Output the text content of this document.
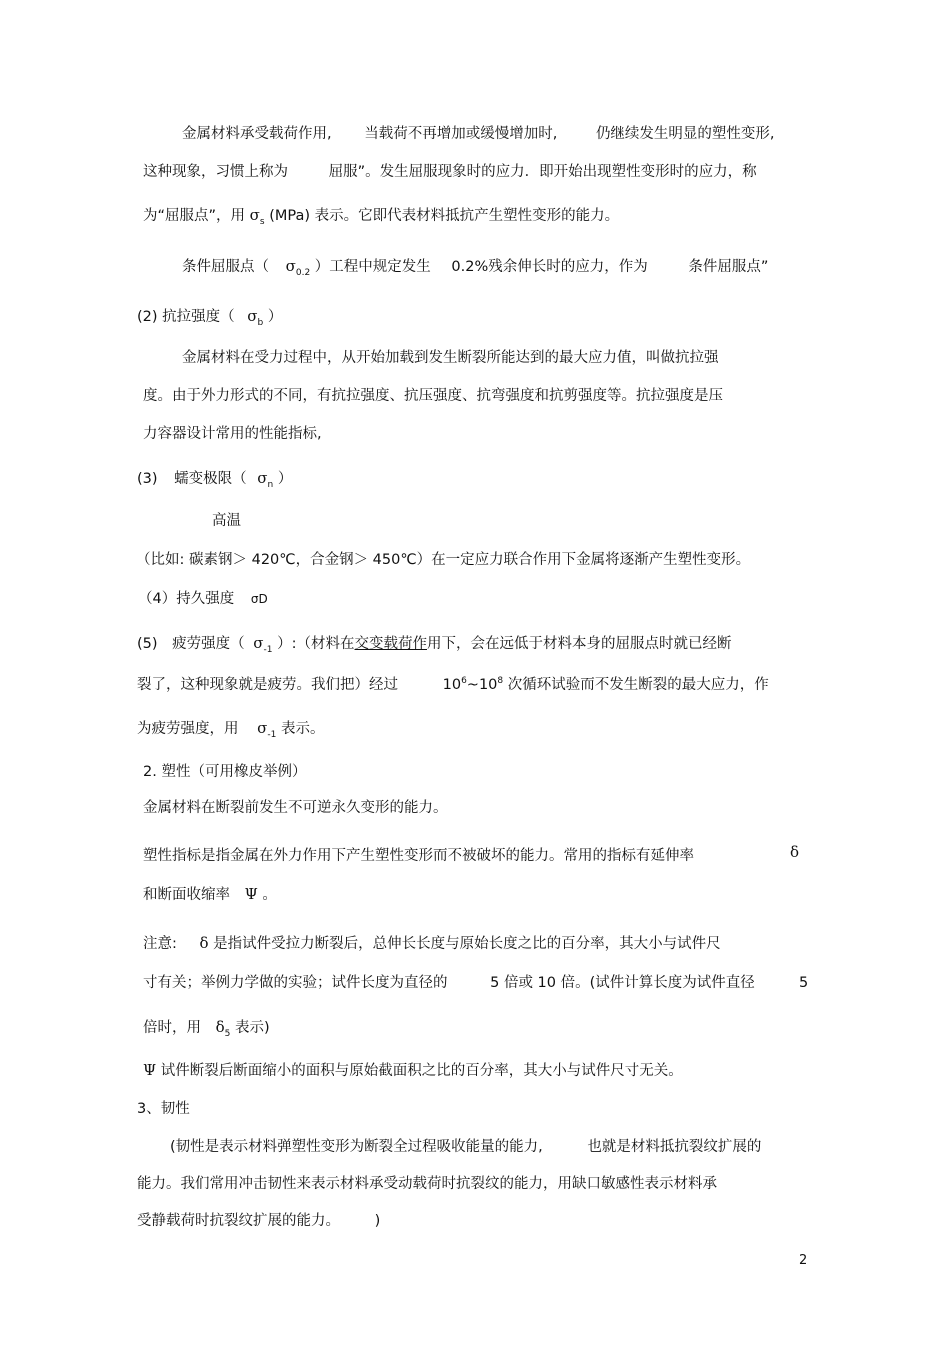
金属材料承受载荷作用, 当载荷不再增加或缓慢增加时,	仍继续发生明显的塑性变形,
这种现象，习惯上称为	屈服”。发生屈服现象时的应力．即开始出现塑性变形时的应力，称
为“屈服点”，用 $\sigma_s$ (MPa) 表示。它即代表材料抵抗产生塑性变形的能力。
条件屈服点（ $\sigma_{0.2}$ ）工程中规定发生 0.2%残余伸长时的应力，作为	条件屈服点”
(2) 抗拉强度（ $\sigma_b$ ）
金属材料在受力过程中，从开始加载到发生断裂所能达到的最大应力值，叫做抗拉强
度。由于外力形式的不同，有抗拉强度、抗压强度、抗弯强度和抗剪强度等。抗拉强度是压
力容器设计常用的性能指标,
(3) 蠕变极限（ $\sigma_n$ ）
高温
（比如: 碳素钢＞ 420℃，合金钢＞ 450℃）在一定应力联合作用下金属将逐渐产生塑性变形。
（4）持久强度 σD
(5) 疲劳强度（ $\sigma_{-1}$ ）:（材料在交变载荷作用下，会在远低于材料本身的屈服点时就已经断
裂了，这种现象就是疲劳。我们把）经过	$10^6\sim 10^8$ 次循环试验而不发生断裂的最大应力，作
为疲劳强度，用 $\sigma_{-1}$ 表示。
2. 塑性（可用橡皮举例）
金属材料在断裂前发生不可逆永久变形的能力。
塑性指标是指金属在外力作用下产生塑性变形而不被破坏的能力。常用的指标有延伸率	δ
和断面收缩率 Ψ 。
注意: δ 是指试件受拉力断裂后，总伸长长度与原始长度之比的百分率，其大小与试件尺
寸有关；举例力学做的实验；试件长度为直径的	5 倍或 10 倍。(试件计算长度为试件直径	5
倍时，用 $\delta_5$ 表示)
Ψ 试件断裂后断面缩小的面积与原始截面积之比的百分率，其大小与试件尺寸无关。
3、韧性
(韧性是表示材料弹塑性变形为断裂全过程吸收能量的能力,	也就是材料抵抗裂纹扩展的
能力。我们常用冲击韧性来表示材料承受动载荷时抗裂纹的能力，用缺口敏感性表示材料承
受静载荷时抗裂纹扩展的能力。 )
2
